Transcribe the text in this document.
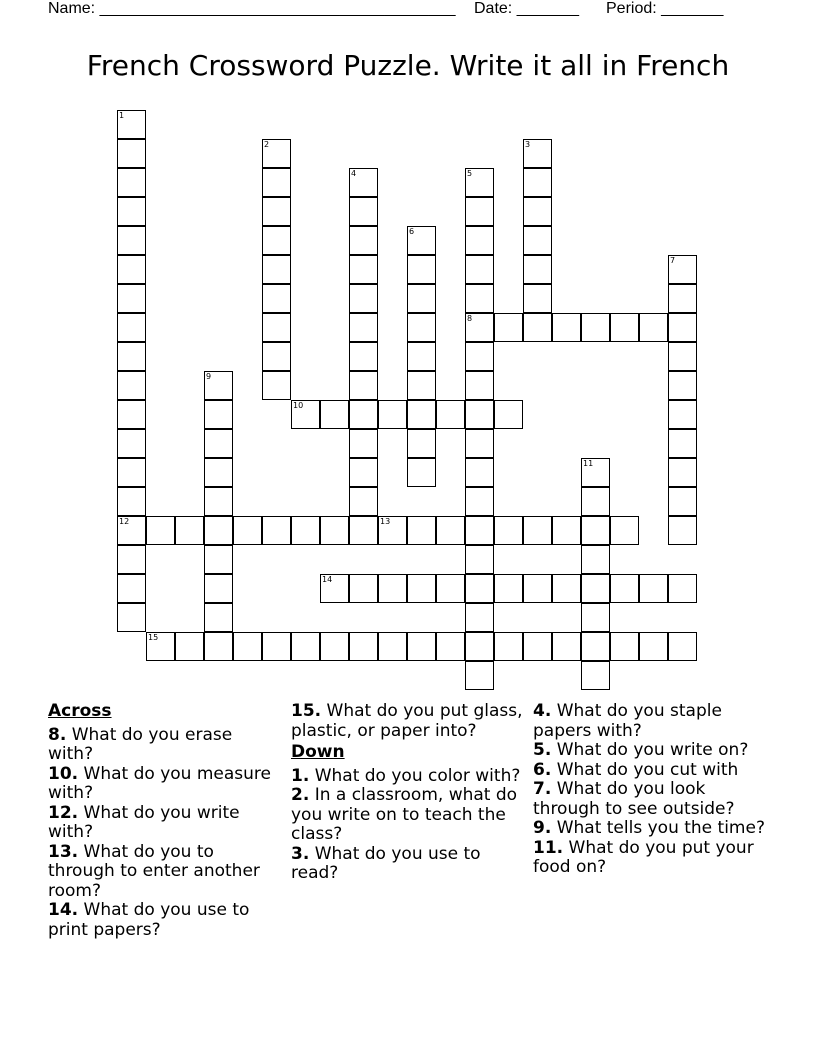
Name: ________________________________________ Date: _______ Period: _______
French Crossword Puzzle. Write it all in French
8
10
12	13
14
15
1
2	3
4	5
6
7
9
11
Across
8. What do you erase with?
10. What do you measure with?
12. What do you write with?
13. What do you to through to enter another room?
14. What do you use to print papers?
15. What do you put glass, plastic, or paper into?
Down
1. What do you color with?
2. In a classroom, what do you write on to teach the class?
3. What do you use to read?
4. What do you staple papers with?
5. What do you write on?
6. What do you cut with
7. What do you look through to see outside?
9. What tells you the time?
11. What do you put your food on?
